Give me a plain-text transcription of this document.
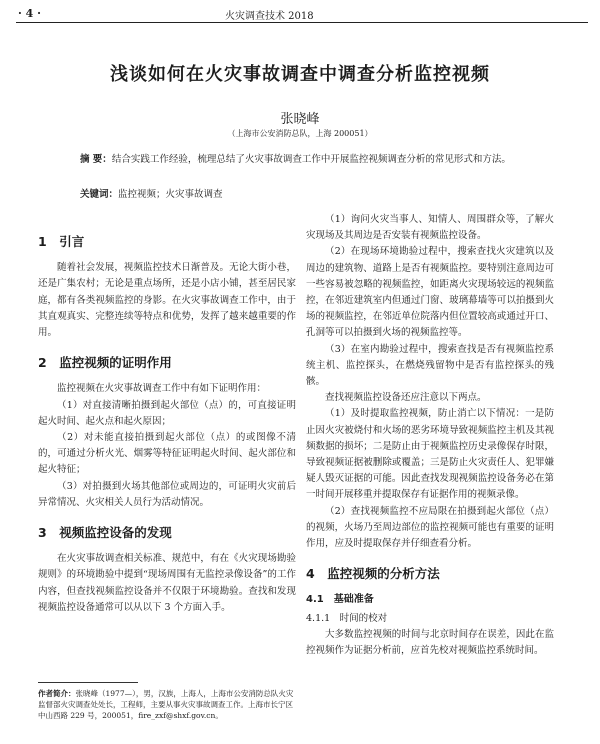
· 4 ·	火灾调查技术 2018
浅谈如何在火灾事故调查中调查分析监控视频
张晓峰
（上海市公安消防总队，上海 200051）
摘 要：结合实践工作经验，梳理总结了火灾事故调查工作中开展监控视频调查分析的常见形式和方法。
关键词：监控视频；火灾事故调查
1　引言

随着社会发展，视频监控技术日渐普及。无论大街小巷，还是广集农村；无论是重点场所，还是小店小铺，甚至居民家庭，都有各类视频监控的身影。在火灾事故调查工作中，由于其直观真实、完整连续等特点和优势，发挥了越来越重要的作用。

2　监控视频的证明作用

监控视频在火灾事故调查工作中有如下证明作用：

（1）对直接清晰拍摄到起火部位（点）的，可直接证明起火时间、起火点和起火原因；

（2）对未能直接拍摄到起火部位（点）的或图像不清的，可通过分析火光、烟雾等特征证明起火时间、起火部位和起火特征；

（3）对拍摄到火场其他部位或周边的，可证明火灾前后异常情况、火灾相关人员行为活动情况。

3　视频监控设备的发现

在火灾事故调查相关标准、规范中，有在《火灾现场勘验规则》的环境勘验中提到“现场周围有无监控录像设备”的工作内容，但查找视频监控设备并不仅限于环境勘验。查找和发现视频监控设备通常可以从以下 3 个方面入手。

（1）询问火灾当事人、知情人、周围群众等，了解火灾现场及其周边是否安装有视频监控设备。

（2）在现场环境勘验过程中，搜索查找火灾建筑以及周边的建筑物、道路上是否有视频监控。要特别注意周边可一些容易被忽略的视频监控，如距离火灾现场较远的视频监控，在邻近建筑室内但通过门窗、玻璃幕墙等可以拍摄到火场的视频监控，在邻近单位院落内但位置较高或通过开口、孔洞等可以拍摄到火场的视频监控等。

（3）在室内勘验过程中，搜索查找是否有视频监控系统主机、监控探头，在燃烧残留物中是否有监控探头的残骸。

查找视频监控设备还应注意以下两点。

（1）及时提取监控视频，防止消亡以下情况：一是防止因火灾被烧付和火场的恶劣环境导致视频监控主机及其视频数据的损坏；二是防止由于视频监控历史录像保存时限，导致视频证据被删除或覆盖；三是防止火灾责任人、犯罪嫌疑人毁灭证据的可能。因此查找发现视频监控设备务必在第一时间开展移重并提取保存有证据作用的视频录像。

（2）查找视频监控不应局限在拍摄到起火部位（点）的视频，火场乃至周边部位的监控视频可能也有重要的证明作用，应及时提取保存并仔细查看分析。

4　监控视频的分析方法
4.1　基础准备
4.1.1　时间的校对

大多数监控视频的时间与北京时间存在误差，因此在监控视频作为证据分析前，应首先校对视频监控系统时间。

作者简介：张晓峰（1977—），男，汉族，上海人，上海市公安消防总队火灾监督部火灾调查处处长，工程师，主要从事火灾事故调查工作。上海市长宁区中山西路 229 号，200051，fire_zxf@shxf.gov.cn。
